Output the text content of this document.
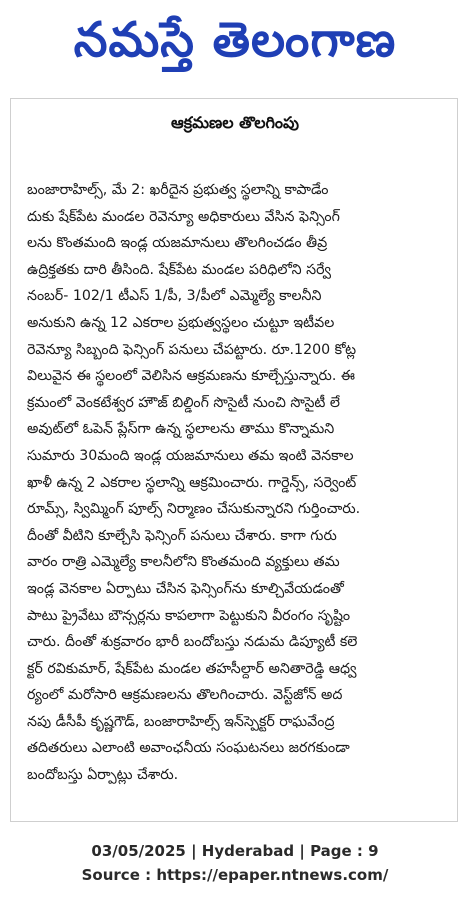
నమస్తే తెలంగాణ
ఆక్రమణల తొలగింపు
బంజారాహిల్స్, మే 2: ఖరీదైన ప్రభుత్వ స్థలాన్ని కాపాడేం
దుకు షేక్‌పేట మండల రెవెన్యూ అధికారులు వేసిన ఫెన్సింగ్
లను కొంతమంది ఇండ్ల యజమానులు తొలగించడం తీవ్ర
ఉద్రిక్తతకు దారి తీసింది. షేక్‌పేట మండల పరిధిలోని సర్వే
నంబర్- 102/1 టీఎస్ 1/పీ, 3/పీలో ఎమ్మెల్యే కాలనీని
అనుకుని ఉన్న 12 ఎకరాల ప్రభుత్వస్థలం చుట్టూ ఇటీవల
రెవెన్యూ సిబ్బంది ఫెన్సింగ్ పనులు చేపట్టారు. రూ.1200 కోట్ల
విలువైన ఈ స్థలంలో వెలిసిన ఆక్రమణను కూల్చేస్తున్నారు. ఈ
క్రమంలో వెంకటేశ్వర హౌజ్ బిల్డింగ్ సొసైటీ నుంచి సొసైటీ లే
అవుట్‌లో ఓపెన్ ప్లేస్‌గా ఉన్న స్థలాలను తాము కొన్నామని
సుమారు 30మంది ఇండ్ల యజమానులు తమ ఇంటి వెనకాల
ఖాళీ ఉన్న 2 ఎకరాల స్థలాన్ని ఆక్రమించారు. గార్డెన్స్, సర్వెంట్
రూమ్స్, స్విమ్మింగ్ పూల్స్ నిర్మాణం చేసుకున్నారని గుర్తించారు.
దీంతో వీటిని కూల్చేసి ఫెన్సింగ్ పనులు చేశారు. కాగా గురు
వారం రాత్రి ఎమ్మెల్యే కాలనీలోని కొంతమంది వ్యక్తులు తమ
ఇండ్ల వెనకాల ఏర్పాటు చేసిన ఫెన్సింగ్‌ను కూల్చివేయడంతో
పాటు ప్రైవేటు బౌన్సర్లను కాపలాగా పెట్టుకుని వీరంగం సృష్టిం
చారు. దీంతో శుక్రవారం భారీ బందోబస్తు నడుమ డిప్యూటీ కలె
క్టర్ రవికుమార్, షేక్‌పేట మండల తహసీల్దార్ అనితారెడ్డి ఆధ్వ
ర్యంలో మరోసారి ఆక్రమణలను తొలగించారు. వెస్ట్‌జోన్ అద
నపు డీసీపీ కృష్ణగౌడ్, బంజారాహిల్స్ ఇన్‌స్పెక్టర్ రాఘవేంద్ర
తదితరులు ఎలాంటి అవాంఛనీయ సంఘటనలు జరగకుండా
బందోబస్తు ఏర్పాట్లు చేశారు.
03/05/2025 | Hyderabad | Page : 9
Source : https://epaper.ntnews.com/
